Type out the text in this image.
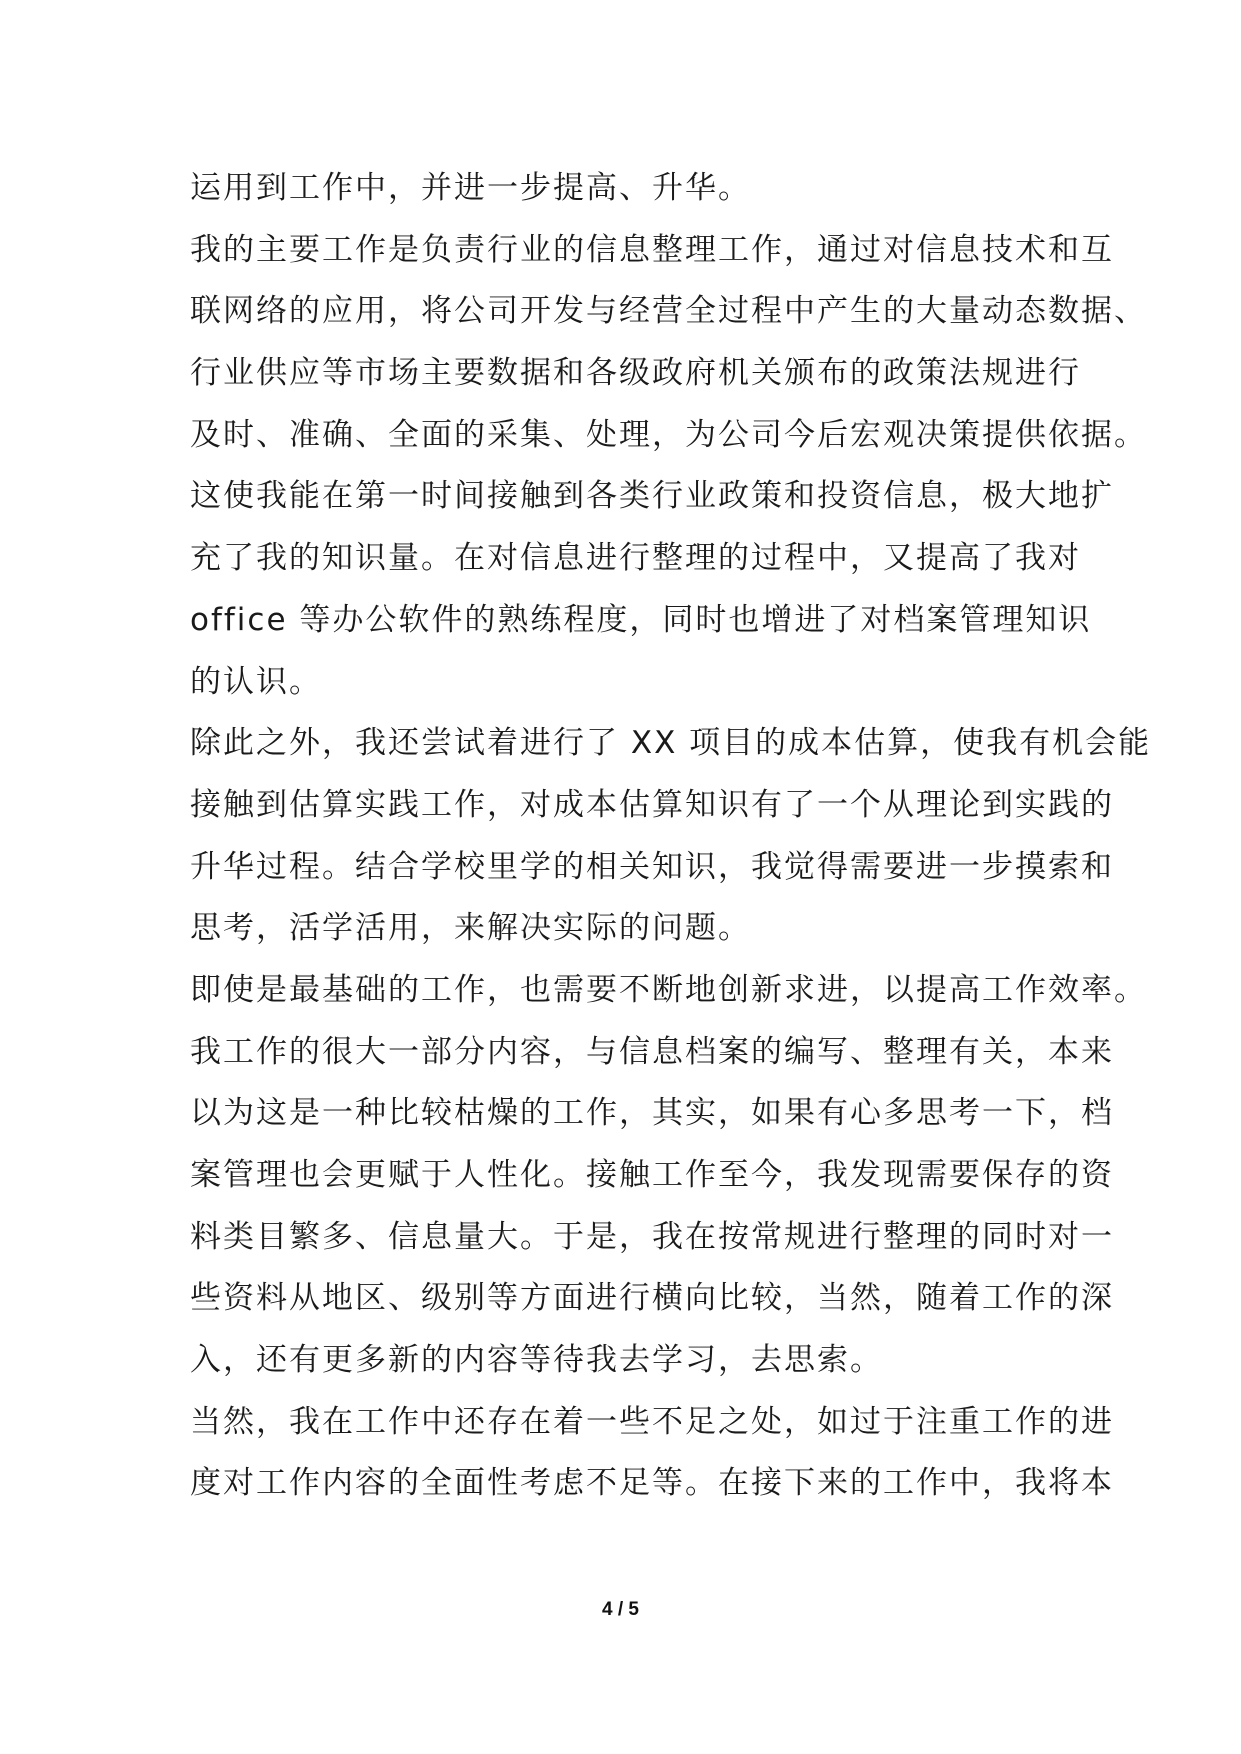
运用到工作中，并进一步提高、升华。
我的主要工作是负责行业的信息整理工作，通过对信息技术和互
联网络的应用，将公司开发与经营全过程中产生的大量动态数据、
行业供应等市场主要数据和各级政府机关颁布的政策法规进行
及时、准确、全面的采集、处理，为公司今后宏观决策提供依据。
这使我能在第一时间接触到各类行业政策和投资信息，极大地扩
充了我的知识量。在对信息进行整理的过程中，又提高了我对
office 等办公软件的熟练程度，同时也增进了对档案管理知识
的认识。
除此之外，我还尝试着进行了 XX 项目的成本估算，使我有机会能
接触到估算实践工作，对成本估算知识有了一个从理论到实践的
升华过程。结合学校里学的相关知识，我觉得需要进一步摸索和
思考，活学活用，来解决实际的问题。
即使是最基础的工作，也需要不断地创新求进，以提高工作效率。
我工作的很大一部分内容，与信息档案的编写、整理有关，本来
以为这是一种比较枯燥的工作，其实，如果有心多思考一下，档
案管理也会更赋于人性化。接触工作至今，我发现需要保存的资
料类目繁多、信息量大。于是，我在按常规进行整理的同时对一
些资料从地区、级别等方面进行横向比较，当然，随着工作的深
入，还有更多新的内容等待我去学习，去思索。
当然，我在工作中还存在着一些不足之处，如过于注重工作的进
度对工作内容的全面性考虑不足等。在接下来的工作中，我将本
4 / 5
